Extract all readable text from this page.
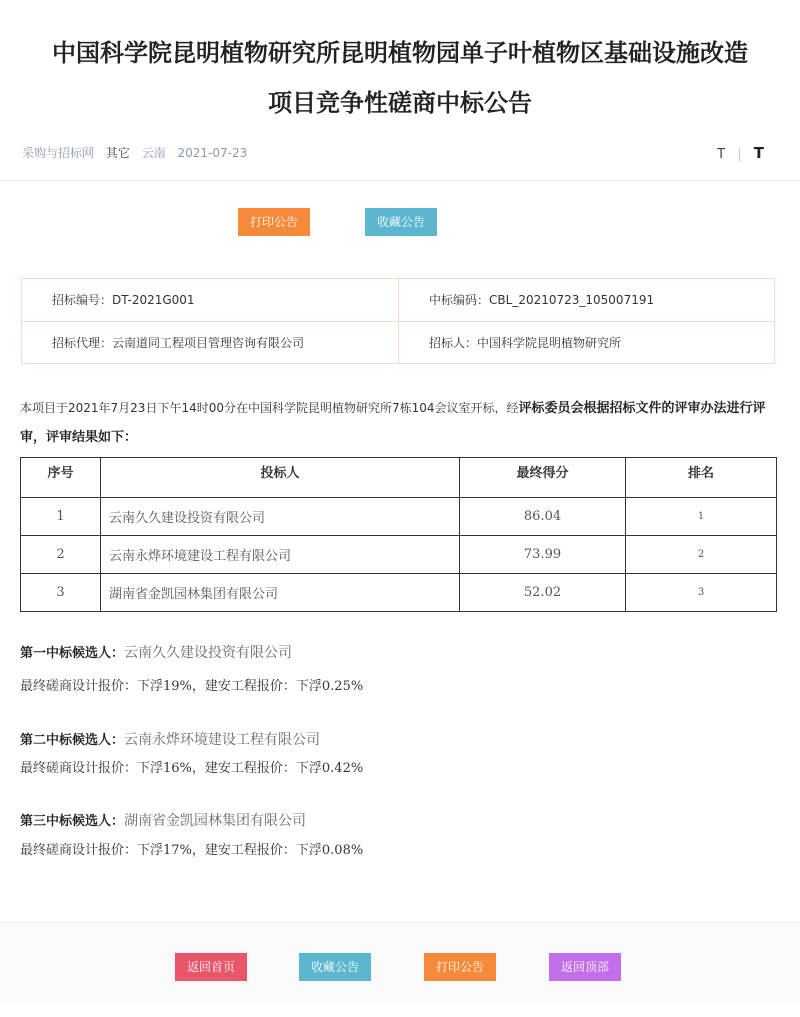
中国科学院昆明植物研究所昆明植物园单子叶植物区基础设施改造
项目竞争性磋商中标公告
采购与招标网 其它 云南 2021-07-23	T | T
打印公告	收藏公告
招标编号：DT-2021G001	中标编码：CBL_20210723_105007191
招标代理：云南道同工程项目管理咨询有限公司	招标人：中国科学院昆明植物研究所
本项目于2021年7月23日下午14时00分在中国科学院昆明植物研究所7栋104会议室开标，经评标委员会根据招标文件的评审办法进行评审，评审结果如下：
序号	投标人	最终得分	排名
1	云南久久建设投资有限公司	86.04	1
2	云南永烨环境建设工程有限公司	73.99	2
3	湖南省金凯园林集团有限公司	52.02	3
第一中标候选人：云南久久建设投资有限公司
最终磋商设计报价：下浮19%，建安工程报价：下浮0.25%
第二中标候选人：云南永烨环境建设工程有限公司
最终磋商设计报价：下浮16%，建安工程报价：下浮0.42%
第三中标候选人：湖南省金凯园林集团有限公司
最终磋商设计报价：下浮17%，建安工程报价：下浮0.08%
返回首页	收藏公告	打印公告	返回顶部
